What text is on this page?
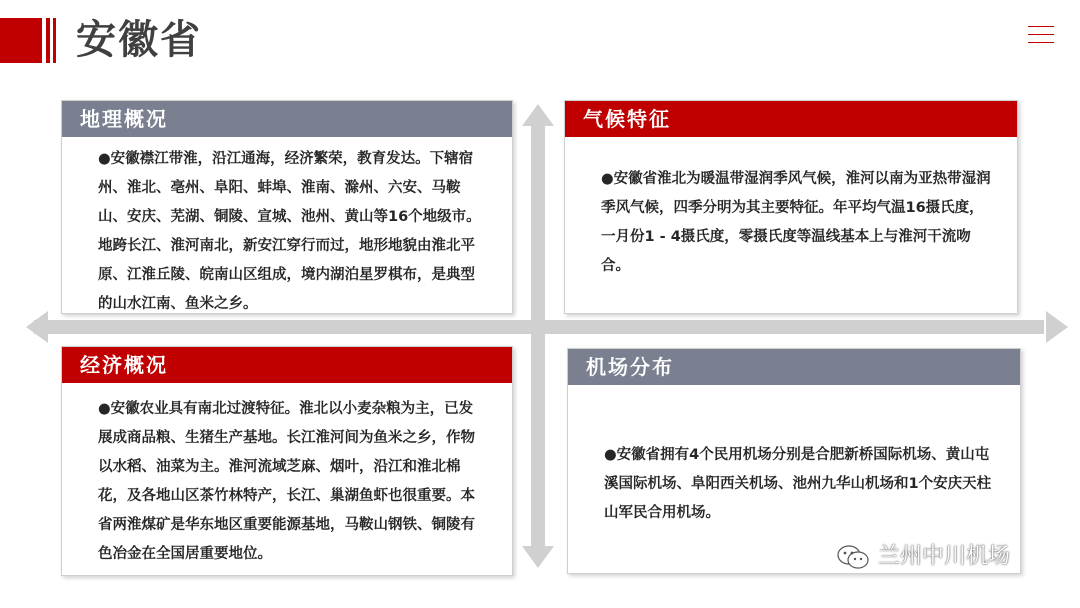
安徽省
地理概况
●安徽襟江带淮，沿江通海，经济繁荣，教育发达。下辖宿州、淮北、亳州、阜阳、蚌埠、淮南、滁州、六安、马鞍山、安庆、芜湖、铜陵、宣城、池州、黄山等16个地级市。地跨长江、淮河南北，新安江穿行而过，地形地貌由淮北平原、江淮丘陵、皖南山区组成，境内湖泊星罗棋布，是典型的山水江南、鱼米之乡。
气候特征
●安徽省淮北为暖温带湿润季风气候，淮河以南为亚热带湿润季风气候，四季分明为其主要特征。年平均气温16摄氏度，一月份1 - 4摄氏度，零摄氏度等温线基本上与淮河干流吻合。
经济概况
●安徽农业具有南北过渡特征。淮北以小麦杂粮为主，已发展成商品粮、生猪生产基地。长江淮河间为鱼米之乡，作物以水稻、油菜为主。淮河流域芝麻、烟叶，沿江和淮北棉花，及各地山区茶竹林特产，长江、巢湖鱼虾也很重要。本省两淮煤矿是华东地区重要能源基地，马鞍山钢铁、铜陵有色冶金在全国居重要地位。
机场分布
●安徽省拥有4个民用机场分别是合肥新桥国际机场、黄山屯溪国际机场、阜阳西关机场、池州九华山机场和1个安庆天柱山军民合用机场。
兰州中川机场
